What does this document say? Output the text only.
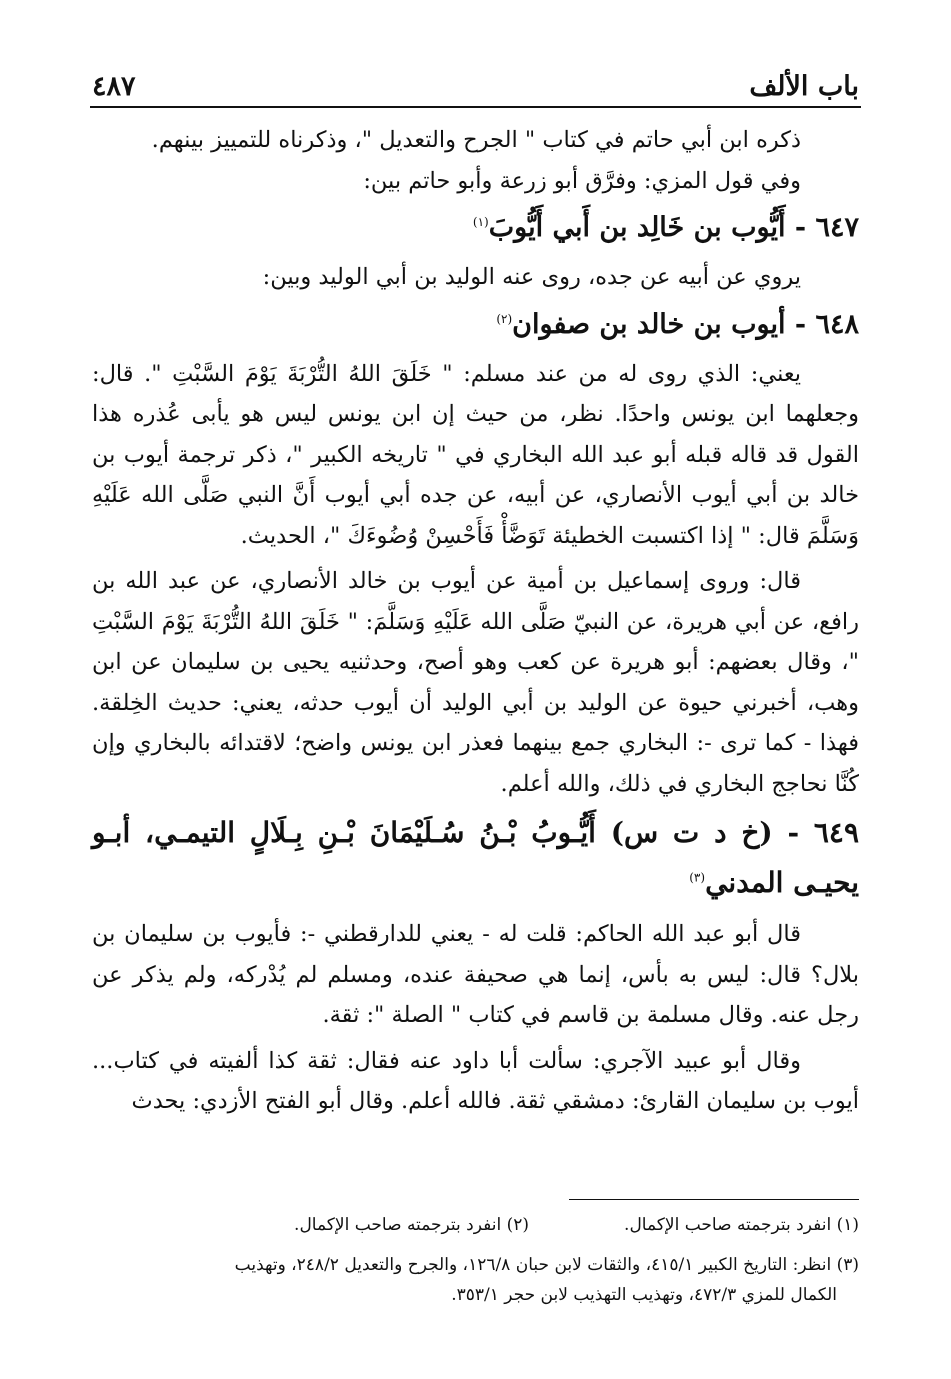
باب الألف
٤٨٧

ذكره ابن أبي حاتم في كتاب " الجرح والتعديل "، وذكرناه للتمييز بينهم.

وفي قول المزي: وفرَّق أبو زرعة وأبو حاتم بين:

٦٤٧ - أَيُّوب بن خَالِد بن أَبي أَيُّوبَ$^{(١)}$

يروي عن أبيه عن جده، روى عنه الوليد بن أبي الوليد وبين:

٦٤٨ - أيوب بن خالد بن صفوان$^{(٢)}$

يعني: الذي روى له من عند مسلم: " خَلَقَ اللهُ التُّرْبَةَ يَوْمَ السَّبْتِ ". قال: وجعلهما ابن يونس واحدًا. نظر، من حيث إن ابن يونس ليس هو يأبى عُذره هذا القول قد قاله قبله أبو عبد الله البخاري في " تاريخه الكبير "، ذكر ترجمة أيوب بن خالد بن أبي أيوب الأنصاري، عن أبيه، عن جده أبي أيوب أَنَّ النبي صَلَّى الله عَلَيْهِ وَسَلَّمَ قال: " إذا اكتسبت الخطيئة تَوَضَّأْ فَأَحْسِنْ وُضُوءَكَ "، الحديث.

قال: وروى إسماعيل بن أمية عن أيوب بن خالد الأنصاري، عن عبد الله بن رافع، عن أبي هريرة، عن النبيّ صَلَّى الله عَلَيْهِ وَسَلَّمَ: " خَلَقَ اللهُ التُّرْبَةَ يَوْمَ السَّبْتِ "، وقال بعضهم: أبو هريرة عن كعب وهو أصح، وحدثنيه يحيى بن سليمان عن ابن وهب، أخبرني حيوة عن الوليد بن أبي الوليد أن أيوب حدثه، يعني: حديث الخِلقة. فهذا - كما ترى -: البخاري جمع بينهما فعذر ابن يونس واضح؛ لاقتدائه بالبخاري وإن كُنَّا نحاجج البخاري في ذلك، والله أعلم.

٦٤٩ - (خ د ت س) أَيُّـوبُ بْـنُ سُـلَيْمَانَ بْـنِ بِـلَالٍ التيمـي، أبـو يحيـى المدني$^{(٣)}$

قال أبو عبد الله الحاكم: قلت له - يعني للدارقطني -: فأيوب بن سليمان بن بلال؟ قال: ليس به بأس، إنما هي صحيفة عنده، ومسلم لم يُدْركه، ولم يذكر عن رجل عنه. وقال مسلمة بن قاسم في كتاب " الصلة ": ثقة.

وقال أبو عبيد الآجري: سألت أبا داود عنه فقال: ثقة كذا ألفيته في كتاب... أيوب بن سليمان القارئ: دمشقي ثقة. فالله أعلم. وقال أبو الفتح الأزدي: يحدث

(١) انفرد بترجمته صاحب الإكمال.
(٢) انفرد بترجمته صاحب الإكمال.
(٣) انظر: التاريخ الكبير ٤١٥/١، والثقات لابن حبان ١٢٦/٨، والجرح والتعديل ٢٤٨/٢، وتهذيب
الكمال للمزي ٤٧٢/٣، وتهذيب التهذيب لابن حجر ٣٥٣/١.
